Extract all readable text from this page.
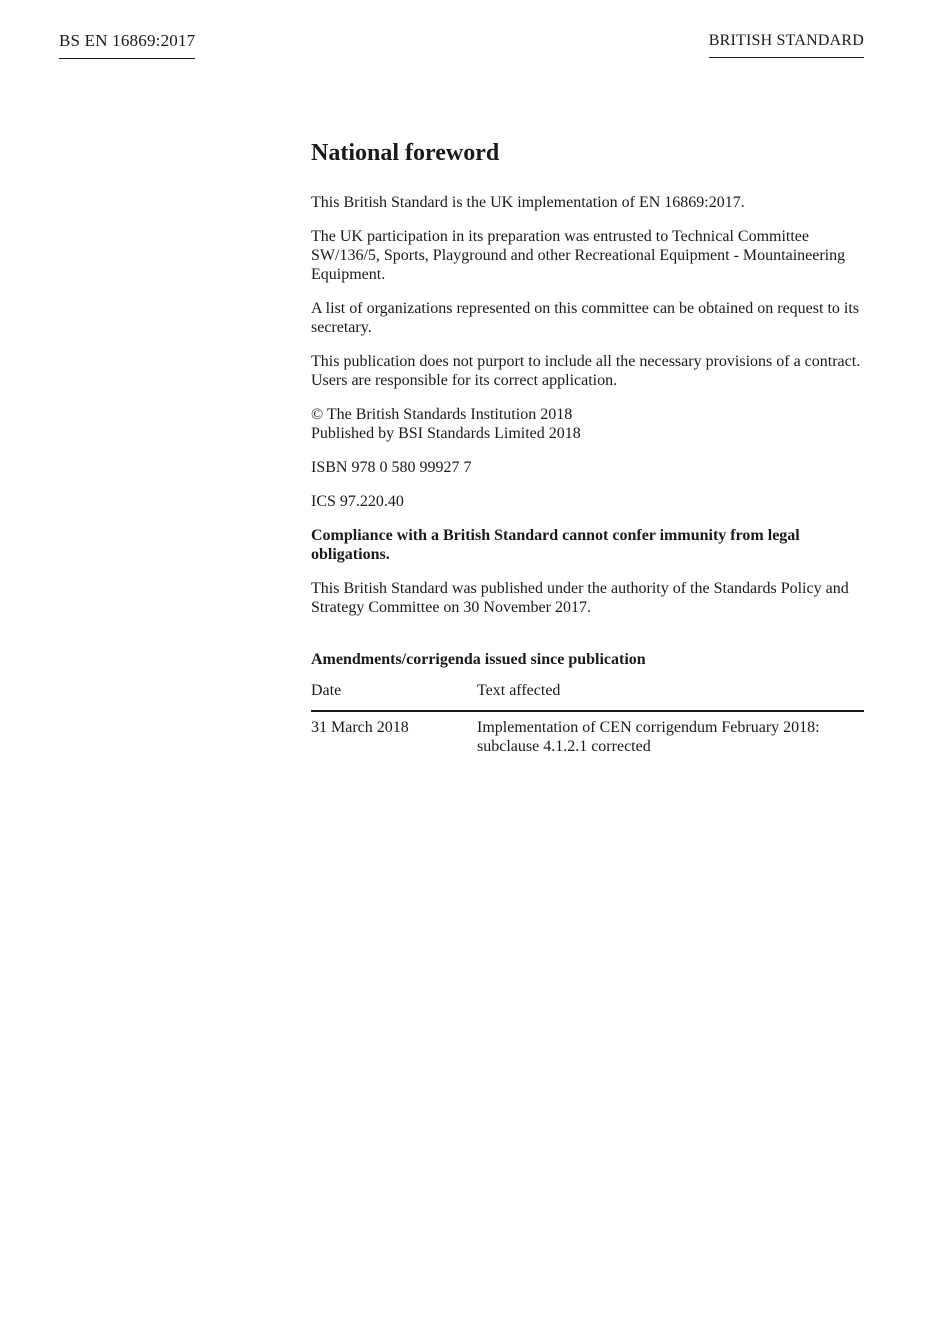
BS EN 16869:2017	BRITISH STANDARD
National foreword

This British Standard is the UK implementation of EN 16869:2017.

The UK participation in its preparation was entrusted to Technical Committee SW/136/5, Sports, Playground and other Recreational Equipment - Mountaineering Equipment.

A list of organizations represented on this committee can be obtained on request to its secretary.

This publication does not purport to include all the necessary provisions of a contract. Users are responsible for its correct application.

© The British Standards Institution 2018
Published by BSI Standards Limited 2018

ISBN 978 0 580 99927 7

ICS 97.220.40

Compliance with a British Standard cannot confer immunity from legal obligations.

This British Standard was published under the authority of the Standards Policy and Strategy Committee on 30 November 2017.

Amendments/corrigenda issued since publication
Date	Text affected
31 March 2018	Implementation of CEN corrigendum February 2018: subclause 4.1.2.1 corrected
